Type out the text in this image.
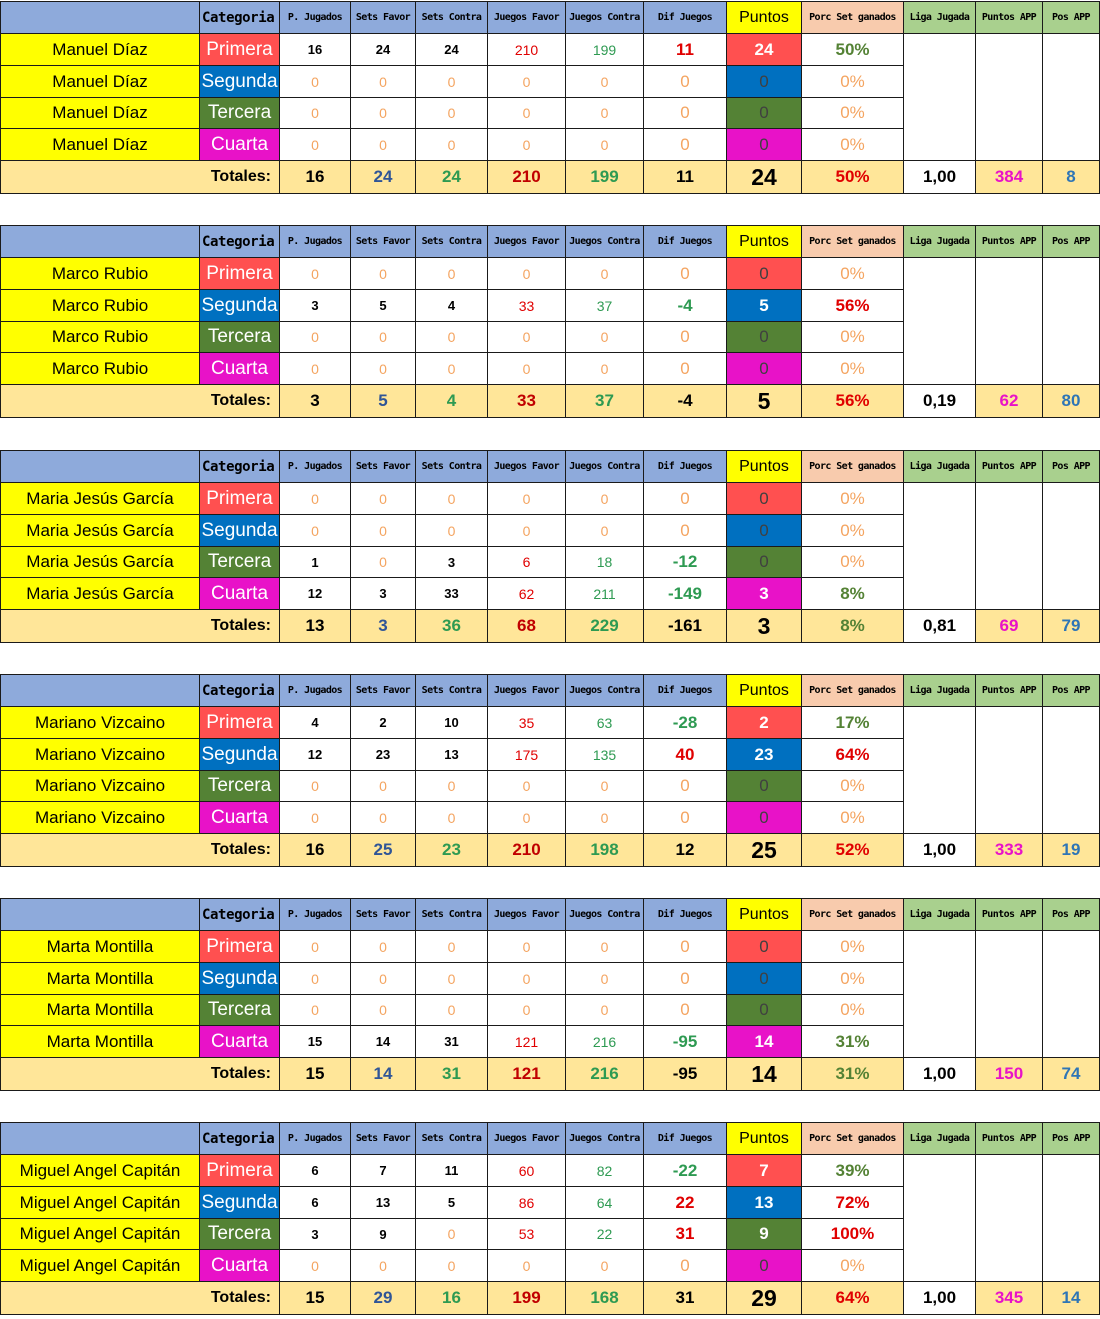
Categoria	P. Jugados	Sets Favor	Sets Contra	Juegos Favor	Juegos Contra	Dif Juegos	Puntos	Porc Set ganados	Liga Jugada	Puntos APP	Pos APP
Manuel Díaz	Primera	16	24	24	210	199	11	24	50%
Manuel Díaz	Segunda	0	0	0	0	0	0	0	0%
Manuel Díaz	Tercera	0	0	0	0	0	0	0	0%
Manuel Díaz	Cuarta	0	0	0	0	0	0	0	0%
Totales:	16	24	24	210	199	11	24	50%	1,00	384	8
Categoria	P. Jugados	Sets Favor	Sets Contra	Juegos Favor	Juegos Contra	Dif Juegos	Puntos	Porc Set ganados	Liga Jugada	Puntos APP	Pos APP
Marco Rubio	Primera	0	0	0	0	0	0	0	0%
Marco Rubio	Segunda	3	5	4	33	37	-4	5	56%
Marco Rubio	Tercera	0	0	0	0	0	0	0	0%
Marco Rubio	Cuarta	0	0	0	0	0	0	0	0%
Totales:	3	5	4	33	37	-4	5	56%	0,19	62	80
Categoria	P. Jugados	Sets Favor	Sets Contra	Juegos Favor	Juegos Contra	Dif Juegos	Puntos	Porc Set ganados	Liga Jugada	Puntos APP	Pos APP
Maria Jesús García	Primera	0	0	0	0	0	0	0	0%
Maria Jesús García	Segunda	0	0	0	0	0	0	0	0%
Maria Jesús García	Tercera	1	0	3	6	18	-12	0	0%
Maria Jesús García	Cuarta	12	3	33	62	211	-149	3	8%
Totales:	13	3	36	68	229	-161	3	8%	0,81	69	79
Categoria	P. Jugados	Sets Favor	Sets Contra	Juegos Favor	Juegos Contra	Dif Juegos	Puntos	Porc Set ganados	Liga Jugada	Puntos APP	Pos APP
Mariano Vizcaino	Primera	4	2	10	35	63	-28	2	17%
Mariano Vizcaino	Segunda	12	23	13	175	135	40	23	64%
Mariano Vizcaino	Tercera	0	0	0	0	0	0	0	0%
Mariano Vizcaino	Cuarta	0	0	0	0	0	0	0	0%
Totales:	16	25	23	210	198	12	25	52%	1,00	333	19
Categoria	P. Jugados	Sets Favor	Sets Contra	Juegos Favor	Juegos Contra	Dif Juegos	Puntos	Porc Set ganados	Liga Jugada	Puntos APP	Pos APP
Marta Montilla	Primera	0	0	0	0	0	0	0	0%
Marta Montilla	Segunda	0	0	0	0	0	0	0	0%
Marta Montilla	Tercera	0	0	0	0	0	0	0	0%
Marta Montilla	Cuarta	15	14	31	121	216	-95	14	31%
Totales:	15	14	31	121	216	-95	14	31%	1,00	150	74
Categoria	P. Jugados	Sets Favor	Sets Contra	Juegos Favor	Juegos Contra	Dif Juegos	Puntos	Porc Set ganados	Liga Jugada	Puntos APP	Pos APP
Miguel Angel Capitán	Primera	6	7	11	60	82	-22	7	39%
Miguel Angel Capitán	Segunda	6	13	5	86	64	22	13	72%
Miguel Angel Capitán	Tercera	3	9	0	53	22	31	9	100%
Miguel Angel Capitán	Cuarta	0	0	0	0	0	0	0	0%
Totales:	15	29	16	199	168	31	29	64%	1,00	345	14
